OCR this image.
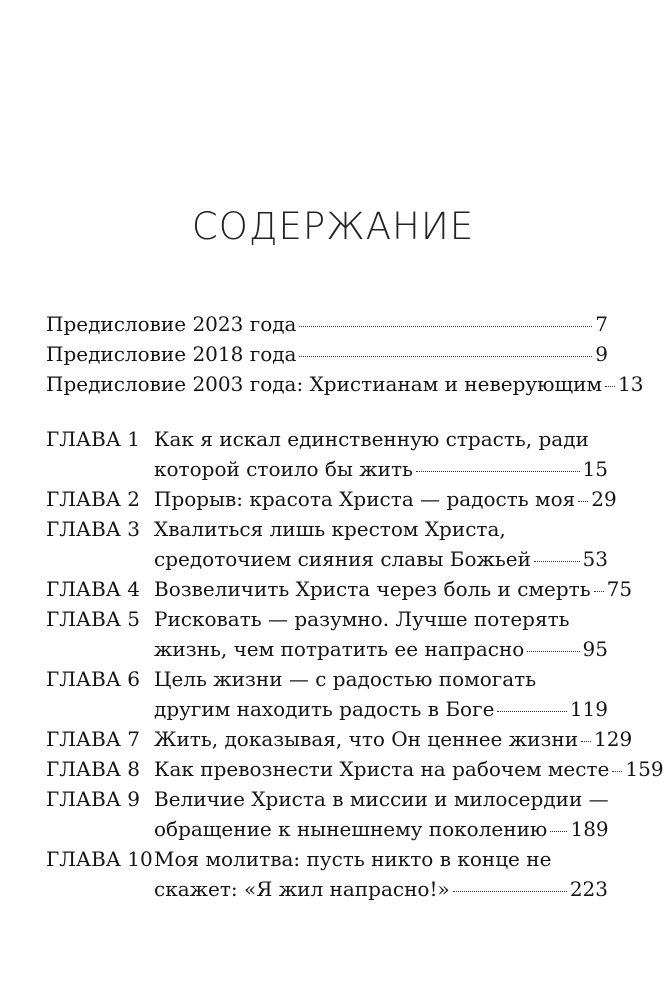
СОДЕРЖАНИЕ
Предисловие 2023 года	7
Предисловие 2018 года	9
Предисловие 2003 года: Христианам и неверующим 13
ГЛАВА 1 Как я искал единственную страсть, ради
которой стоило бы жить	15
ГЛАВА 2 Прорыв: красота Христа — радость моя 29
ГЛАВА 3 Хвалиться лишь крестом Христа,
средоточием сияния славы Божьей	53
ГЛАВА 4 Возвеличить Христа через боль и смерть 75
ГЛАВА 5 Рисковать — разумно. Лучше потерять
жизнь, чем потратить ее напрасно	95
ГЛАВА 6 Цель жизни — с радостью помогать
другим находить радость в Боге	119
ГЛАВА 7 Жить, доказывая, что Он ценнее жизни 129
ГЛАВА 8 Как превознести Христа на рабочем месте 159
ГЛАВА 9 Величие Христа в миссии и милосердии —
обращение к нынешнему поколению 189
ГЛАВА 10 Моя молитва: пусть никто в конце не
скажет: «Я жил напрасно!»	223
